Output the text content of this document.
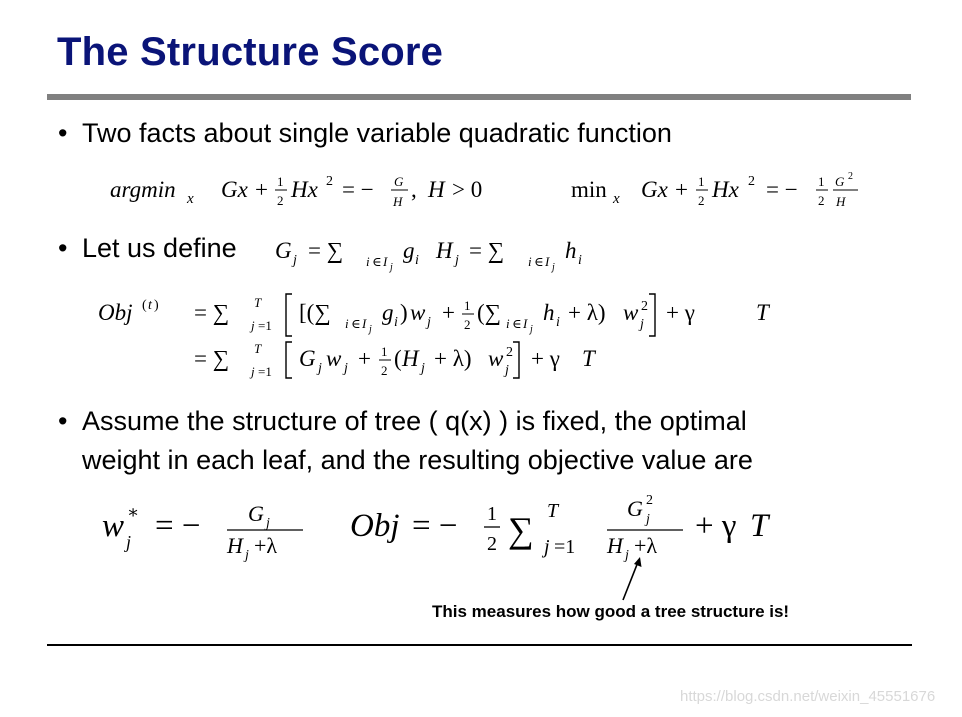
The Structure Score
• Two facts about single variable quadratic function
argmin x Gx + 1
2 Hx 2 = − G
H , H > 0	min x Gx + 1
2 Hx 2 = − 1
2
G 2
H
• Let us define G j = ∑ i ∈ I j
g i H j = ∑ i ∈ I j
h i
Obj ( t ) = ∑ T
j =1
[(∑ i ∈ I j
g i ) w j + 1
2 (∑ i ∈ I j
h i + λ) w 2
j + γ	T
= ∑ T
j =1
G j w j + 1
2 ( H j + λ) w 2
j + γ T
• Assume the structure of tree ( q(x) ) is fixed, the optimal
weight in each leaf, and the resulting objective value are
w ∗
j = − G j
H j +λ
Obj = − 1
2 ∑ T
j =1
G 2
j
H j +λ
+ γ T
This measures how good a tree structure is!
https://blog.csdn.net/weixin_45551676
